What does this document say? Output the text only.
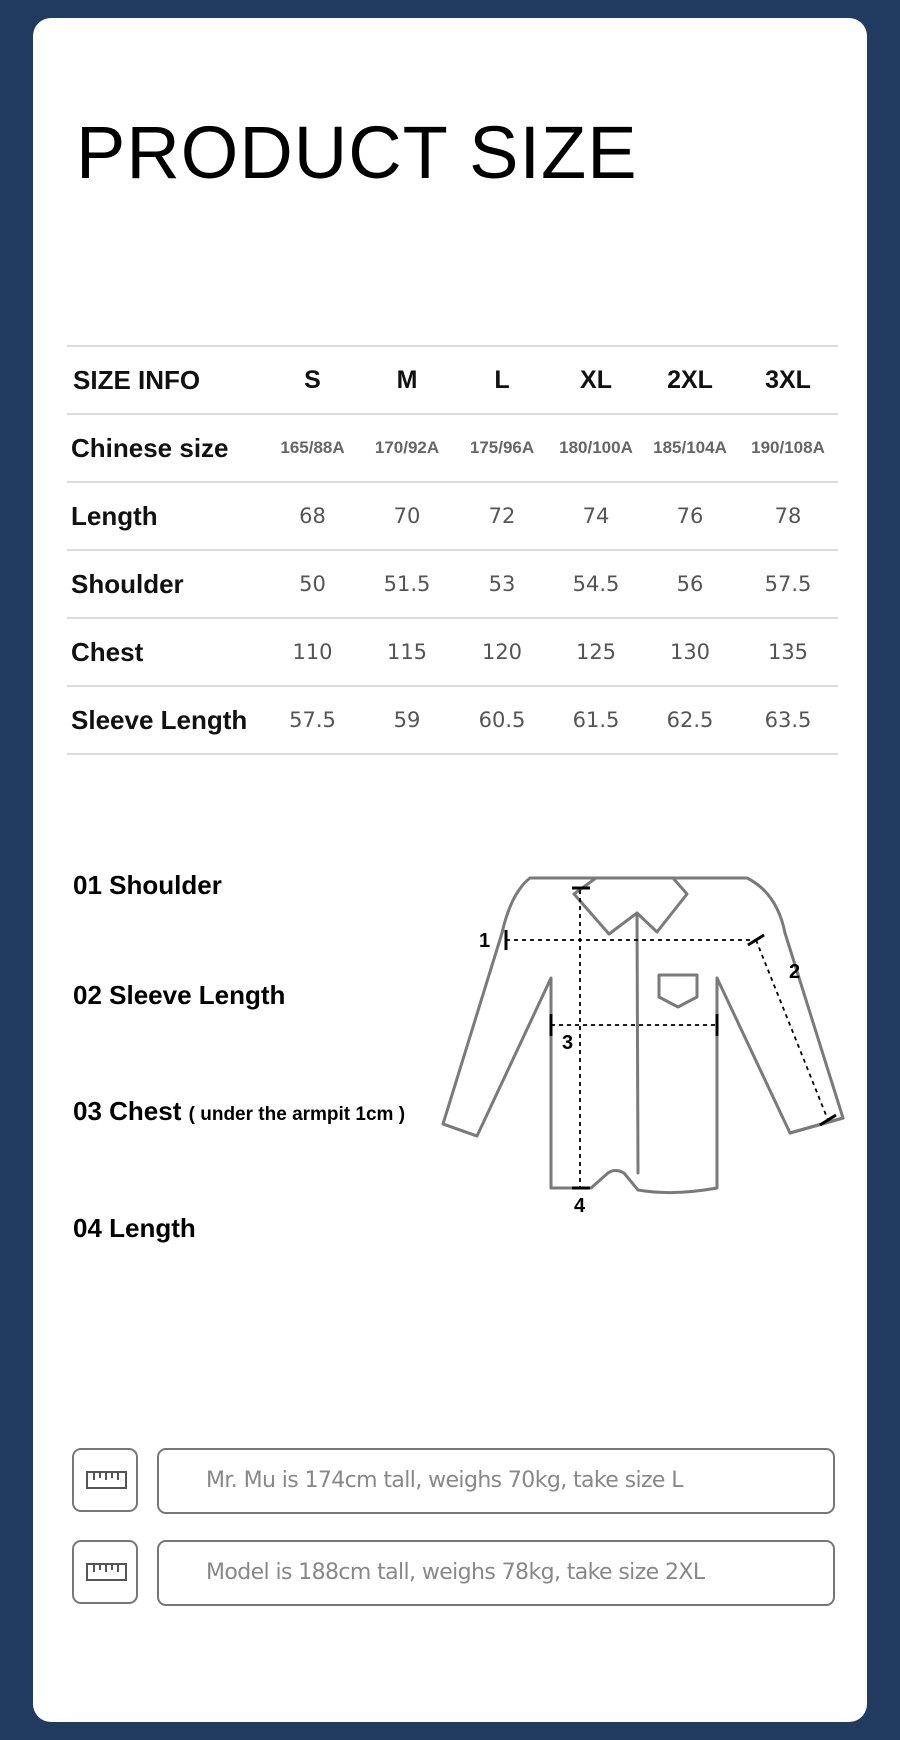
PRODUCT SIZE
SIZE INFO	S	M	L	XL	2XL	3XL
Chinese size	165/88A	170/92A	175/96A	180/100A	185/104A	190/108A
Length	68	70	72	74	76	78
Shoulder	50	51.5	53	54.5	56	57.5
Chest	110	115	120	125	130	135
Sleeve Length	57.5	59	60.5	61.5	62.5	63.5
01 Shoulder
02 Sleeve Length
03 Chest ( under the armpit 1cm )
04 Length
1
2
3
4
Mr. Mu is 174cm tall, weighs 70kg, take size L
Model is 188cm tall, weighs 78kg, take size 2XL
